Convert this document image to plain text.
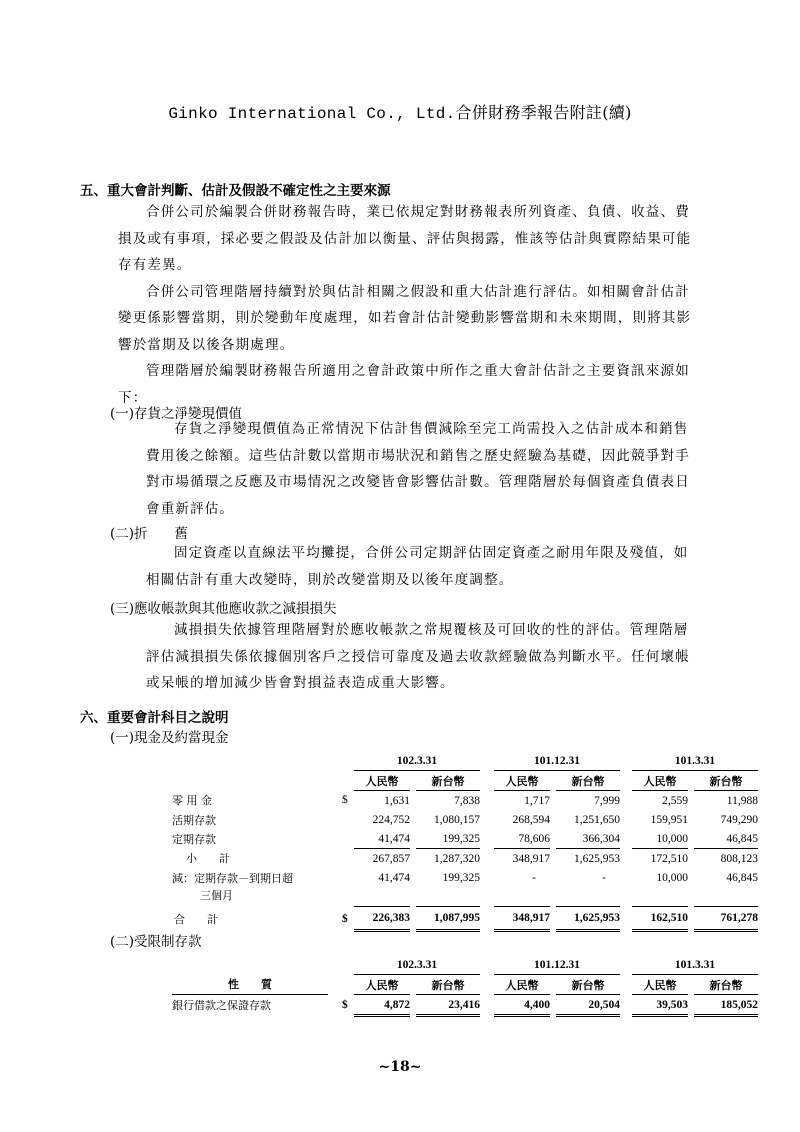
Ginko International Co., Ltd.合併財務季報告附註(續)
五、重大會計判斷、估計及假設不確定性之主要來源
合併公司於編製合併財務報告時，業已依規定對財務報表所列資產、負債、收益、費
損及或有事項，採必要之假設及估計加以衡量、評估與揭露，惟該等估計與實際結果可能
存有差異。
合併公司管理階層持續對於與估計相關之假設和重大估計進行評估。如相關會計估計
變更係影響當期，則於變動年度處理，如若會計估計變動影響當期和未來期間，則將其影
響於當期及以後各期處理。
管理階層於編製財務報告所適用之會計政策中所作之重大會計估計之主要資訊來源如
下：
(一)存貨之淨變現價值
存貨之淨變現價值為正常情況下估計售價減除至完工尚需投入之估計成本和銷售
費用後之餘額。這些估計數以當期市場狀況和銷售之歷史經驗為基礎，因此競爭對手
對市場循環之反應及市場情況之改變皆會影響估計數。管理階層於每個資產負債表日
會重新評估。
(二)折　　舊
固定資產以直線法平均攤提，合併公司定期評估固定資產之耐用年限及殘值，如
相關估計有重大改變時，則於改變當期及以後年度調整。
(三)應收帳款與其他應收款之減損損失
減損損失依據管理階層對於應收帳款之常規覆核及可回收的性的評估。管理階層
評估減損損失係依據個別客戶之授信可靠度及過去收款經驗做為判斷水平。任何壞帳
或呆帳的增加減少皆會對損益表造成重大影響。
六、重要會計科目之說明
(一)現金及約當現金
		102.3.31				101.12.31				101.3.31		
		人民幣		新台幣		人民幣		新台幣		人民幣		新台幣
零 用 金	$	1,631		7,838		1,717		7,999		2,559		11,988
活期存款		224,752		1,080,157		268,594		1,251,650		159,951		749,290
定期存款		41,474		199,325		78,606		366,304		10,000		46,845
小　　計		267,857		1,287,320		348,917		1,625,953		172,510		808,123
減：定期存款－到期日超		41,474		199,325		-		-		10,000		46,845
三個月												
合　　計	$	226,383		1,087,995		348,917		1,625,953		162,510		761,278
(二)受限制存款
			102.3.31				101.12.31				101.3.31		
性　　質			人民幣		新台幣		人民幣		新台幣		人民幣		新台幣
銀行借款之保證存款		$	4,872		23,416		4,400		20,504		39,503		185,052
~18~
